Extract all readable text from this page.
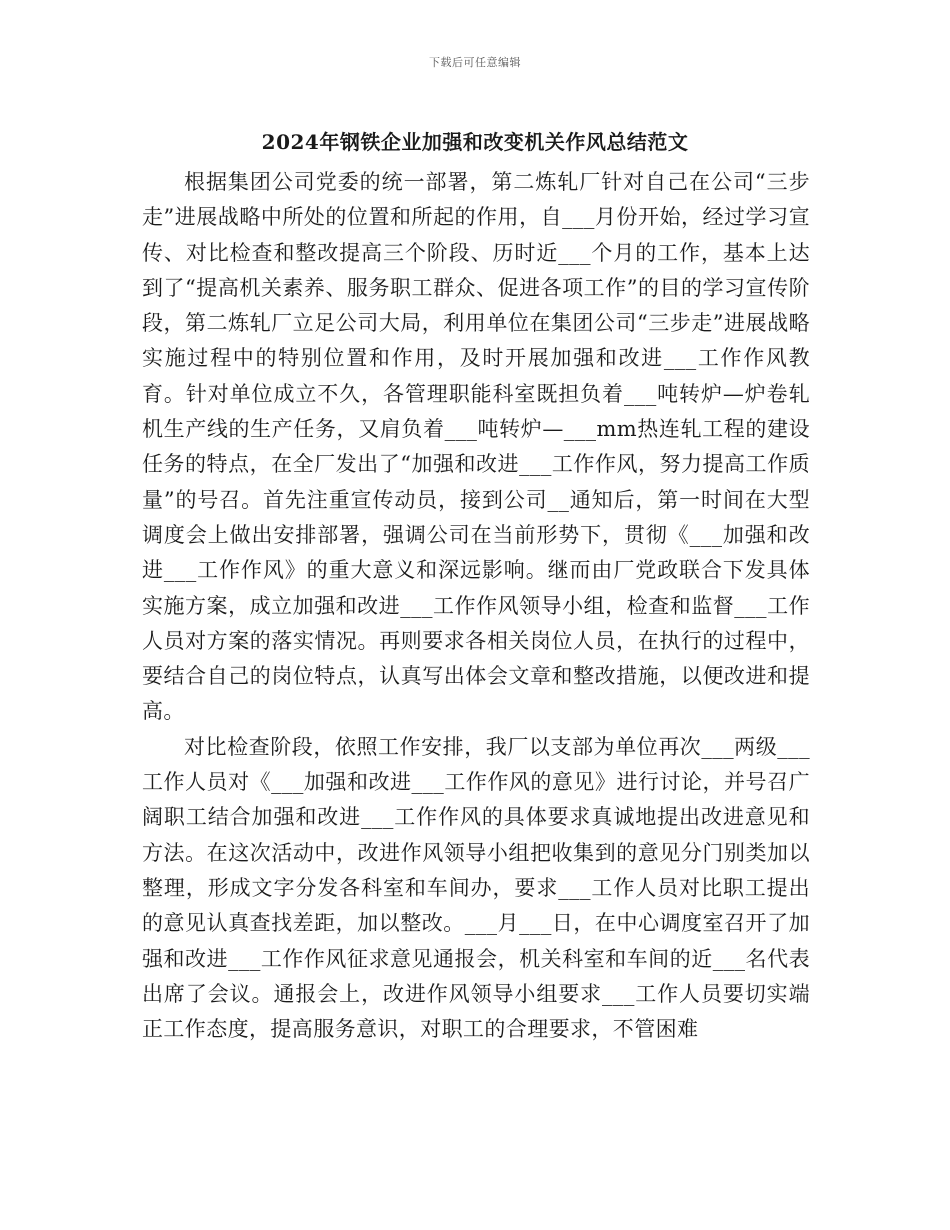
下载后可任意编辑
2024年钢铁企业加强和改变机关作风总结范文

根据集团公司党委的统一部署，第二炼轧厂针对自己在公司“三步走”进展战略中所处的位置和所起的作用，自___月份开始，经过学习宣传、对比检查和整改提高三个阶段、历时近___个月的工作，基本上达到了“提高机关素养、服务职工群众、促进各项工作”的目的学习宣传阶段，第二炼轧厂立足公司大局，利用单位在集团公司“三步走”进展战略实施过程中的特别位置和作用，及时开展加强和改进___工作作风教育。针对单位成立不久，各管理职能科室既担负着___吨转炉—炉卷轧机生产线的生产任务，又肩负着___吨转炉—___mm热连轧工程的建设任务的特点，在全厂发出了“加强和改进___工作作风，努力提高工作质量”的号召。首先注重宣传动员，接到公司__通知后，第一时间在大型调度会上做出安排部署，强调公司在当前形势下，贯彻《___加强和改进___工作作风》的重大意义和深远影响。继而由厂党政联合下发具体实施方案，成立加强和改进___工作作风领导小组，检查和监督___工作人员对方案的落实情况。再则要求各相关岗位人员，在执行的过程中，要结合自己的岗位特点，认真写出体会文章和整改措施，以便改进和提高。

对比检查阶段，依照工作安排，我厂以支部为单位再次___两级___工作人员对《___加强和改进___工作作风的意见》进行讨论，并号召广阔职工结合加强和改进___工作作风的具体要求真诚地提出改进意见和方法。在这次活动中，改进作风领导小组把收集到的意见分门别类加以整理，形成文字分发各科室和车间办，要求___工作人员对比职工提出的意见认真查找差距，加以整改。___月___日，在中心调度室召开了加强和改进___工作作风征求意见通报会，机关科室和车间的近___名代表出席了会议。通报会上，改进作风领导小组要求___工作人员要切实端正工作态度，提高服务意识，对职工的合理要求，不管困难
